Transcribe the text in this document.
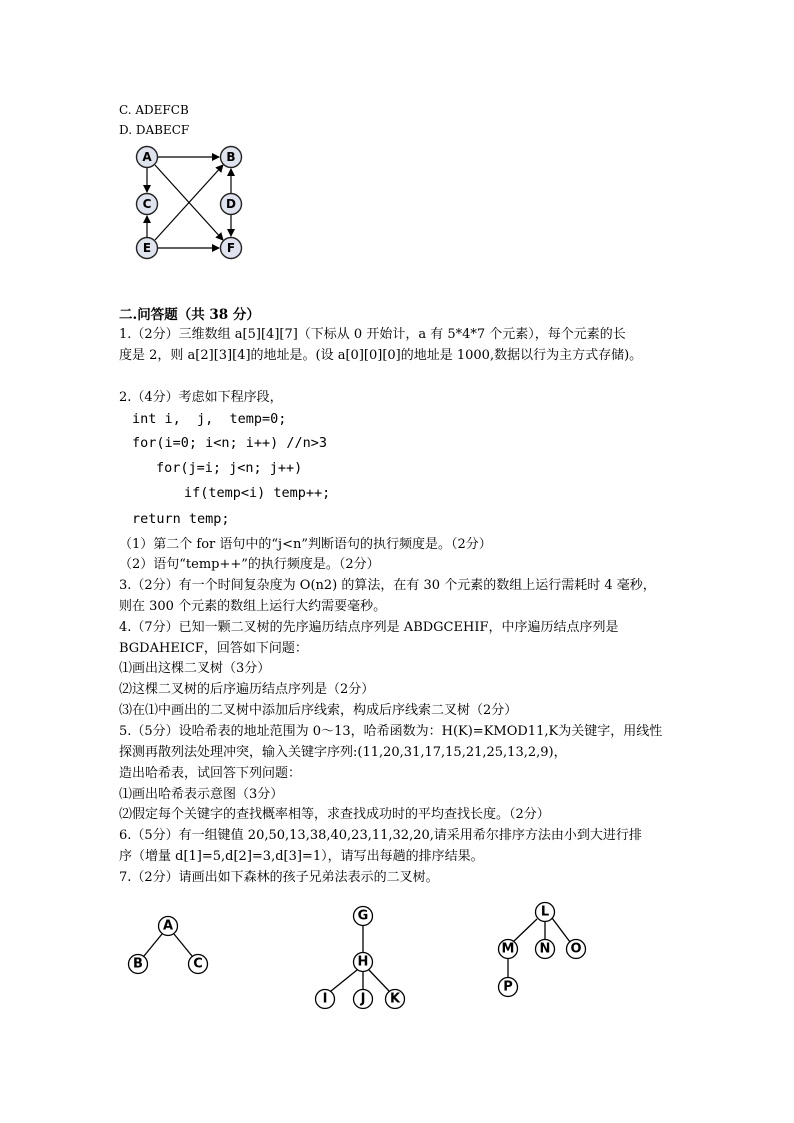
C. ADEFCB
D. DABECF
A	B
C	D
E	F
二.问答题（共 38 分）
1.（2分）三维数组 a[5][4][7]（下标从 0 开始计，a 有 5*4*7 个元素），每个元素的长
度是 2，则 a[2][3][4]的地址是。(设 a[0][0][0]的地址是 1000,数据以行为主方式存储)。
2.（4分）考虑如下程序段，
int i,  j,  temp=0;
for(i=0; i<n; i++) //n>3
for(j=i; j<n; j++)
if(temp<i) temp++;
return temp;
（1）第二个 for 语句中的“j<n”判断语句的执行频度是。（2分）
（2）语句“temp++”的执行频度是。（2分）
3.（2分）有一个时间复杂度为 O(n2) 的算法，在有 30 个元素的数组上运行需耗时 4 毫秒，
则在 300 个元素的数组上运行大约需要毫秒。
4.（7分）已知一颗二叉树的先序遍历结点序列是 ABDGCEHIF，中序遍历结点序列是
BGDAHEICF，回答如下问题：
⑴画出这棵二叉树（3分）
⑵这棵二叉树的后序遍历结点序列是（2分）
⑶在⑴中画出的二叉树中添加后序线索，构成后序线索二叉树（2分）
5.（5分）设哈希表的地址范围为 0～13，哈希函数为：H(K)=KMOD11,K为关键字，用线性
探测再散列法处理冲突，输入关键字序列:(11,20,31,17,15,21,25,13,2,9)，
造出哈希表，试回答下列问题：
⑴画出哈希表示意图（3分）
⑵假定每个关键字的查找概率相等，求查找成功时的平均查找长度。（2分）
6.（5分）有一组键值 20,50,13,38,40,23,11,32,20,请采用希尔排序方法由小到大进行排
序（增量 d[1]=5,d[2]=3,d[3]=1），请写出每趟的排序结果。
7.（2分）请画出如下森林的孩子兄弟法表示的二叉树。
A
B	C
G
H
I	J K
L
M N O
P
